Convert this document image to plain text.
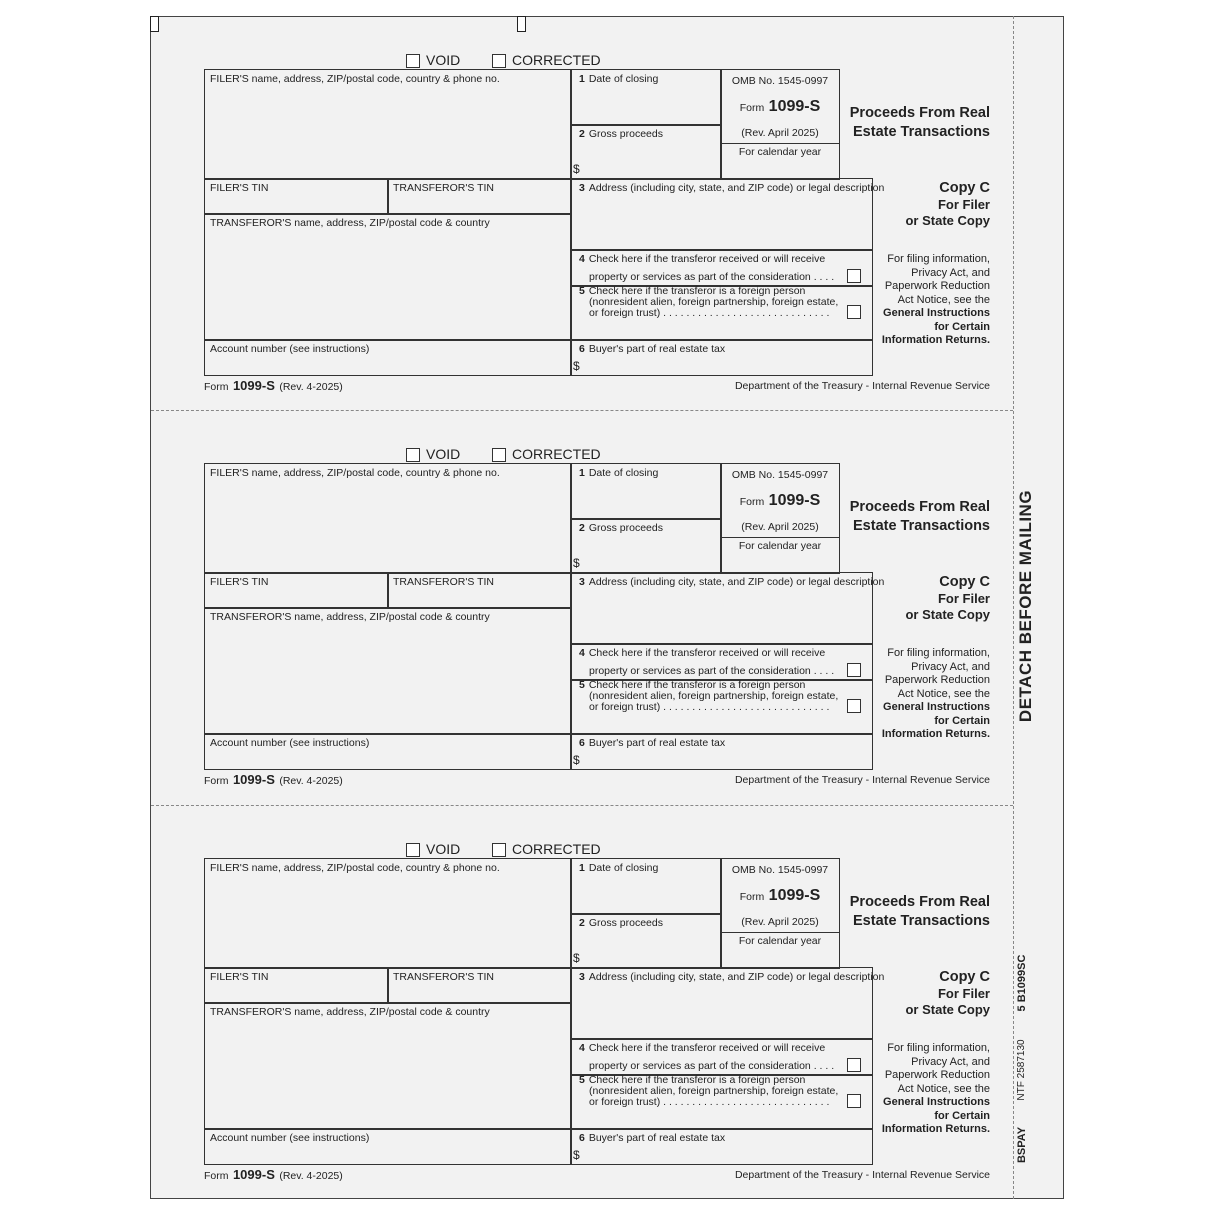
DETACH BEFORE MAILING
5 B1099SC
NTF 2587130
BSPAY
VOID	CORRECTED
FILER'S name, address, ZIP/postal code, country & phone no.	1 Date of closing
2 Gross proceeds
$
OMB No. 1545-0997
Form 1099-S
(Rev. April 2025)
For calendar year
Proceeds From Real
Estate Transactions
FILER'S TIN	TRANSFEROR'S TIN
TRANSFEROR'S name, address, ZIP/postal code & country
3 Address (including city, state, and ZIP code) or legal description
4 Check here if the transferor received or will receive
property or services as part of the consideration . . . .
5 Check here if the transferor is a foreign person
(nonresident alien, foreign partnership, foreign estate,
or foreign trust) . . . . . . . . . . . . . . . . . . . . . . . . . . . . .
Account number (see instructions)	6 Buyer's part of real estate tax
$
Copy C
For Filer
or State Copy
For filing information,
Privacy Act, and
Paperwork Reduction
Act Notice, see the
General Instructions
for Certain
Information Returns.
Form 1099-S (Rev. 4-2025)	Department of the Treasury - Internal Revenue Service
VOID	CORRECTED
FILER'S name, address, ZIP/postal code, country & phone no.	1 Date of closing
2 Gross proceeds
$
OMB No. 1545-0997
Form 1099-S
(Rev. April 2025)
For calendar year
Proceeds From Real
Estate Transactions
FILER'S TIN	TRANSFEROR'S TIN
TRANSFEROR'S name, address, ZIP/postal code & country
3 Address (including city, state, and ZIP code) or legal description
4 Check here if the transferor received or will receive
property or services as part of the consideration . . . .
5 Check here if the transferor is a foreign person
(nonresident alien, foreign partnership, foreign estate,
or foreign trust) . . . . . . . . . . . . . . . . . . . . . . . . . . . . .
Account number (see instructions)	6 Buyer's part of real estate tax
$
Copy C
For Filer
or State Copy
For filing information,
Privacy Act, and
Paperwork Reduction
Act Notice, see the
General Instructions
for Certain
Information Returns.
Form 1099-S (Rev. 4-2025)	Department of the Treasury - Internal Revenue Service
VOID	CORRECTED
FILER'S name, address, ZIP/postal code, country & phone no.	1 Date of closing
2 Gross proceeds
$
OMB No. 1545-0997
Form 1099-S
(Rev. April 2025)
For calendar year
Proceeds From Real
Estate Transactions
FILER'S TIN	TRANSFEROR'S TIN
TRANSFEROR'S name, address, ZIP/postal code & country
3 Address (including city, state, and ZIP code) or legal description
4 Check here if the transferor received or will receive
property or services as part of the consideration . . . .
5 Check here if the transferor is a foreign person
(nonresident alien, foreign partnership, foreign estate,
or foreign trust) . . . . . . . . . . . . . . . . . . . . . . . . . . . . .
Account number (see instructions)	6 Buyer's part of real estate tax
$
Copy C
For Filer
or State Copy
For filing information,
Privacy Act, and
Paperwork Reduction
Act Notice, see the
General Instructions
for Certain
Information Returns.
Form 1099-S (Rev. 4-2025)	Department of the Treasury - Internal Revenue Service
